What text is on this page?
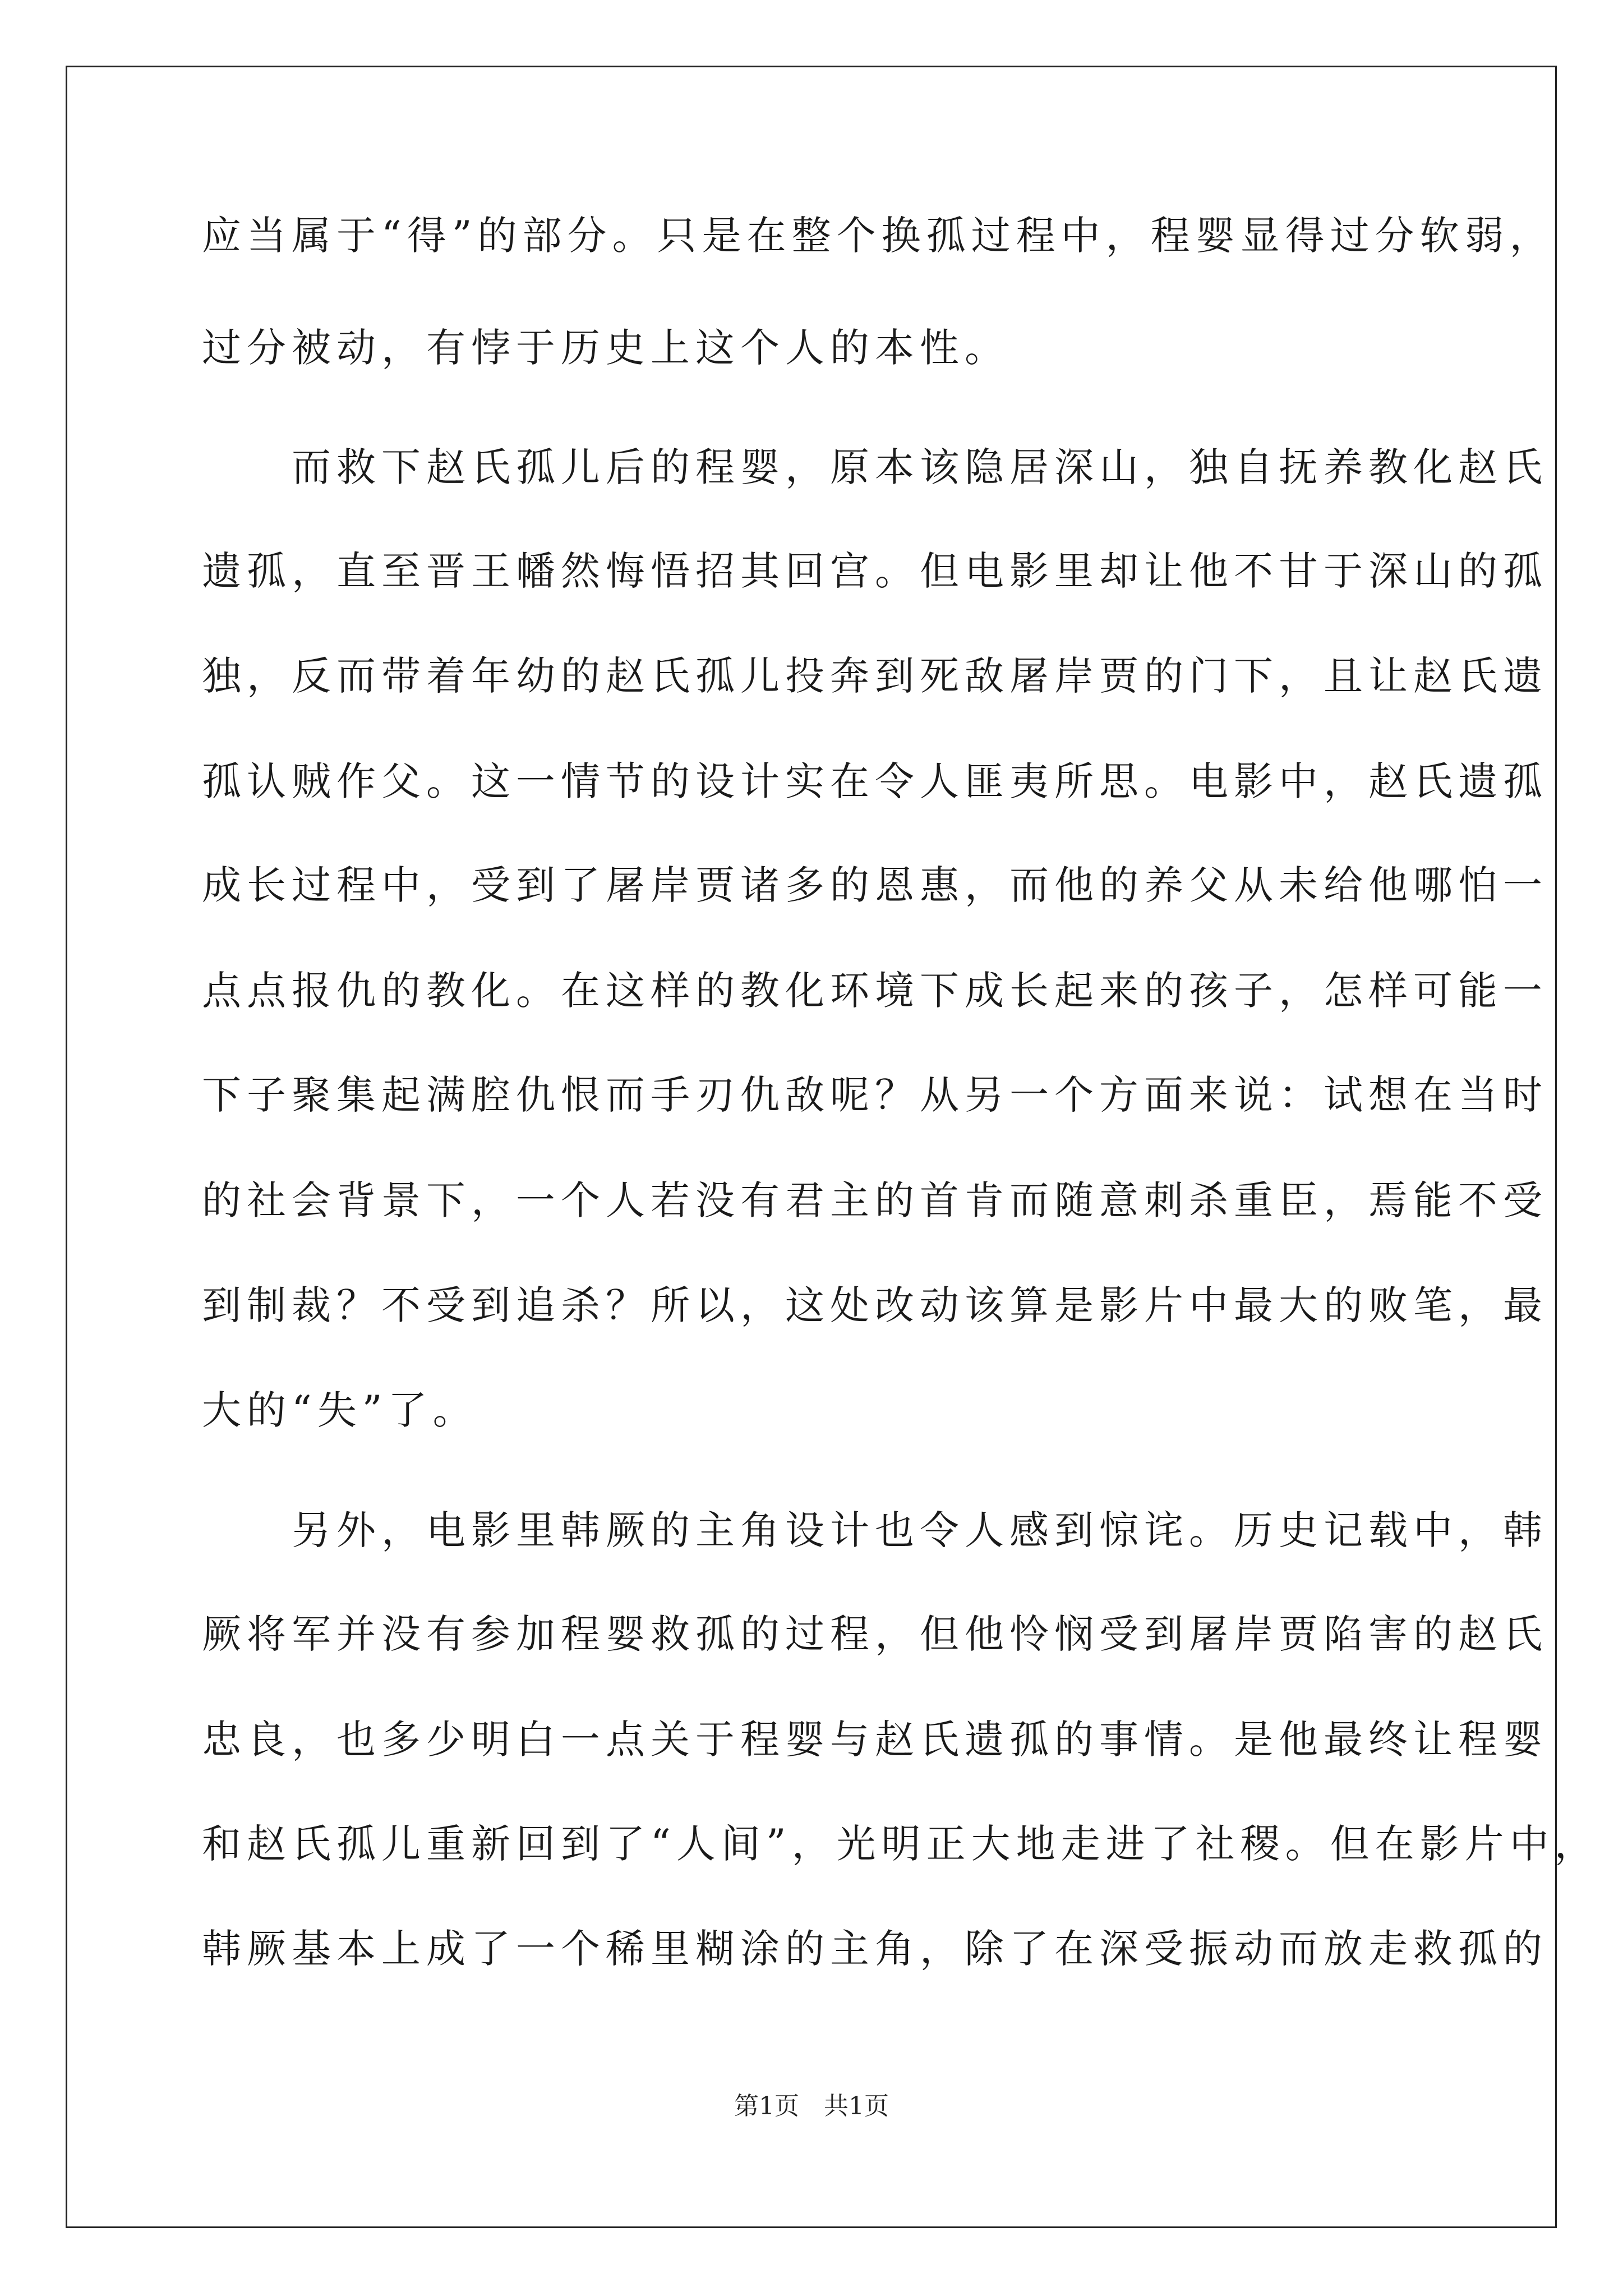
应当属于“得”的部分。只是在整个换孤过程中，程婴显得过分软弱，
过分被动，有悖于历史上这个人的本性。
　　而救下赵氏孤儿后的程婴，原本该隐居深山，独自抚养教化赵氏
遗孤，直至晋王幡然悔悟招其回宫。但电影里却让他不甘于深山的孤
独，反而带着年幼的赵氏孤儿投奔到死敌屠岸贾的门下，且让赵氏遗
孤认贼作父。这一情节的设计实在令人匪夷所思。电影中，赵氏遗孤
成长过程中，受到了屠岸贾诸多的恩惠，而他的养父从未给他哪怕一
点点报仇的教化。在这样的教化环境下成长起来的孩子，怎样可能一
下子聚集起满腔仇恨而手刃仇敌呢？从另一个方面来说：试想在当时
的社会背景下，一个人若没有君主的首肯而随意刺杀重臣，焉能不受
到制裁？不受到追杀？所以，这处改动该算是影片中最大的败笔，最
大的“失”了。
　　另外，电影里韩厥的主角设计也令人感到惊诧。历史记载中，韩
厥将军并没有参加程婴救孤的过程，但他怜悯受到屠岸贾陷害的赵氏
忠良，也多少明白一点关于程婴与赵氏遗孤的事情。是他最终让程婴
和赵氏孤儿重新回到了“人间”，光明正大地走进了社稷。但在影片中，
韩厥基本上成了一个稀里糊涂的主角，除了在深受振动而放走救孤的
第1页　共1页
